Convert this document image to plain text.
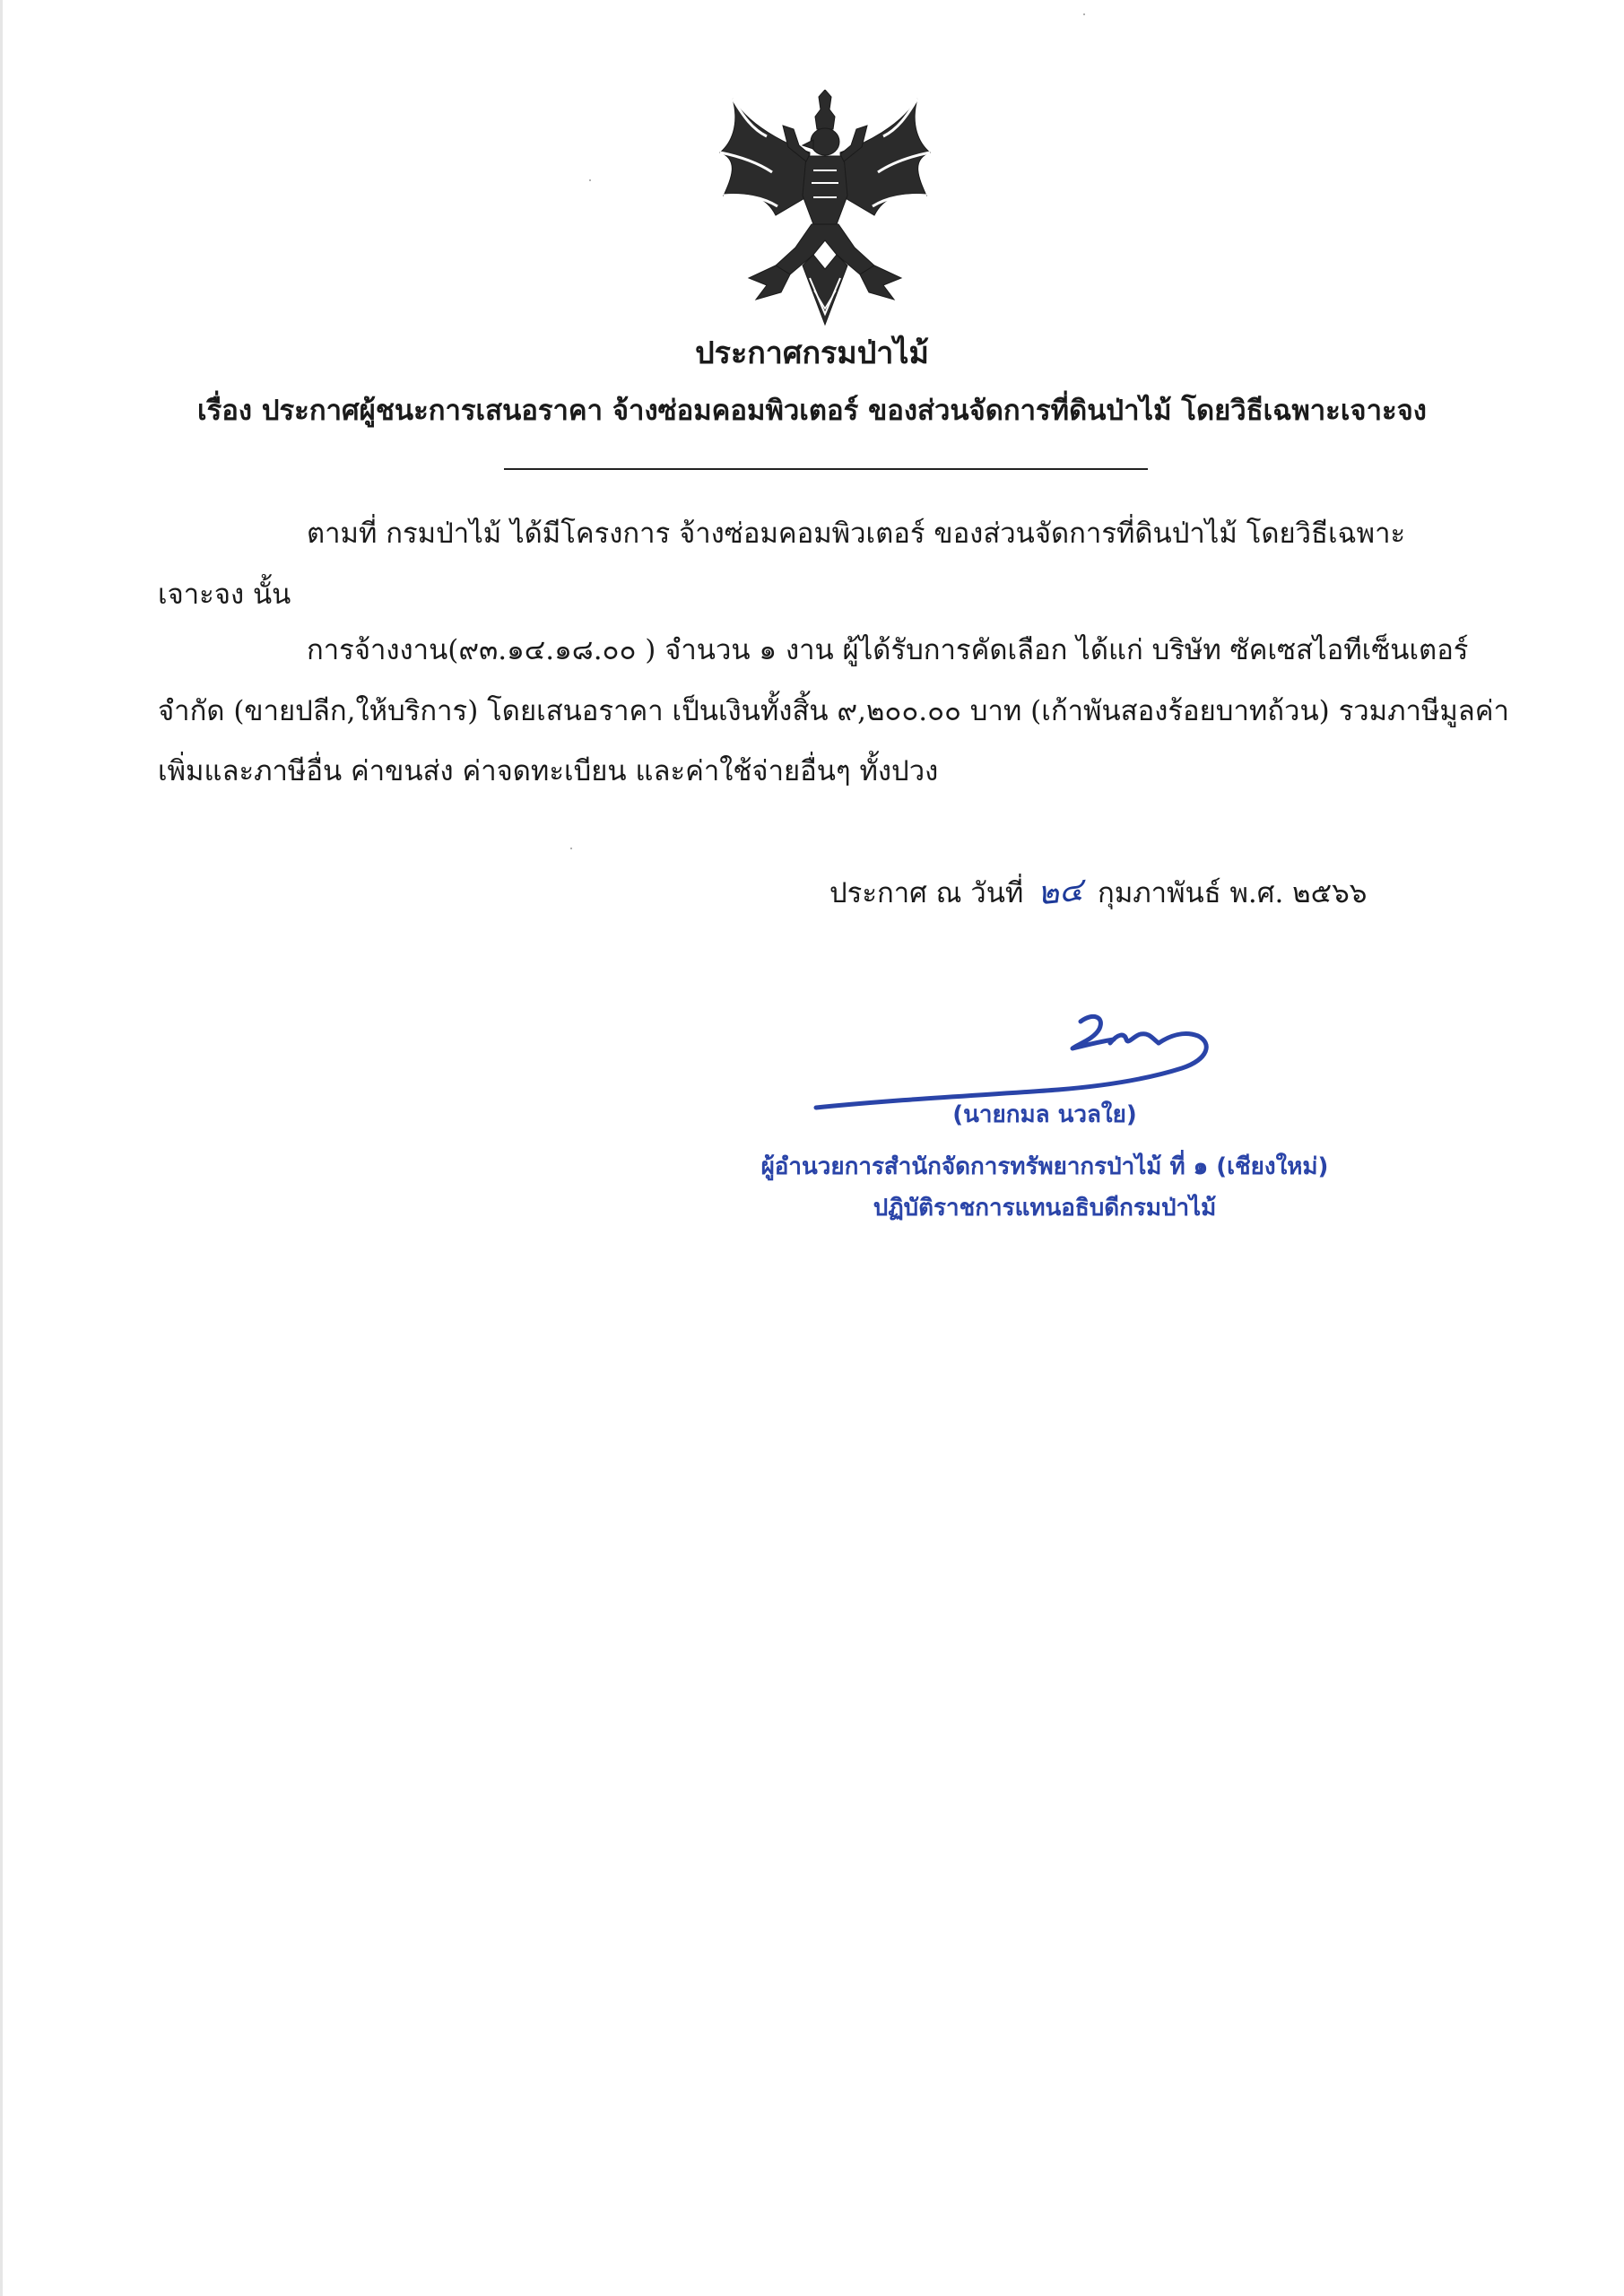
ประกาศกรมป่าไม้
เรื่อง ประกาศผู้ชนะการเสนอราคา จ้างซ่อมคอมพิวเตอร์ ของส่วนจัดการที่ดินป่าไม้ โดยวิธีเฉพาะเจาะจง
ตามที่ กรมป่าไม้ ได้มีโครงการ จ้างซ่อมคอมพิวเตอร์ ของส่วนจัดการที่ดินป่าไม้ โดยวิธีเฉพาะ
เจาะจง นั้น
การจ้างงาน(๙๓.๑๔.๑๘.๐๐ ) จำนวน ๑ งาน ผู้ได้รับการคัดเลือก ได้แก่ บริษัท ซัคเซสไอทีเซ็นเตอร์
จำกัด (ขายปลีก,ให้บริการ) โดยเสนอราคา เป็นเงินทั้งสิ้น ๙,๒๐๐.๐๐ บาท (เก้าพันสองร้อยบาทถ้วน) รวมภาษีมูลค่า
เพิ่มและภาษีอื่น ค่าขนส่ง ค่าจดทะเบียน และค่าใช้จ่ายอื่นๆ ทั้งปวง
ประกาศ ณ วันที่ ๒๔ กุมภาพันธ์ พ.ศ. ๒๕๖๖
(นายกมล นวลใย)
ผู้อำนวยการสำนักจัดการทรัพยากรป่าไม้ ที่ ๑ (เชียงใหม่)
ปฏิบัติราชการแทนอธิบดีกรมป่าไม้
